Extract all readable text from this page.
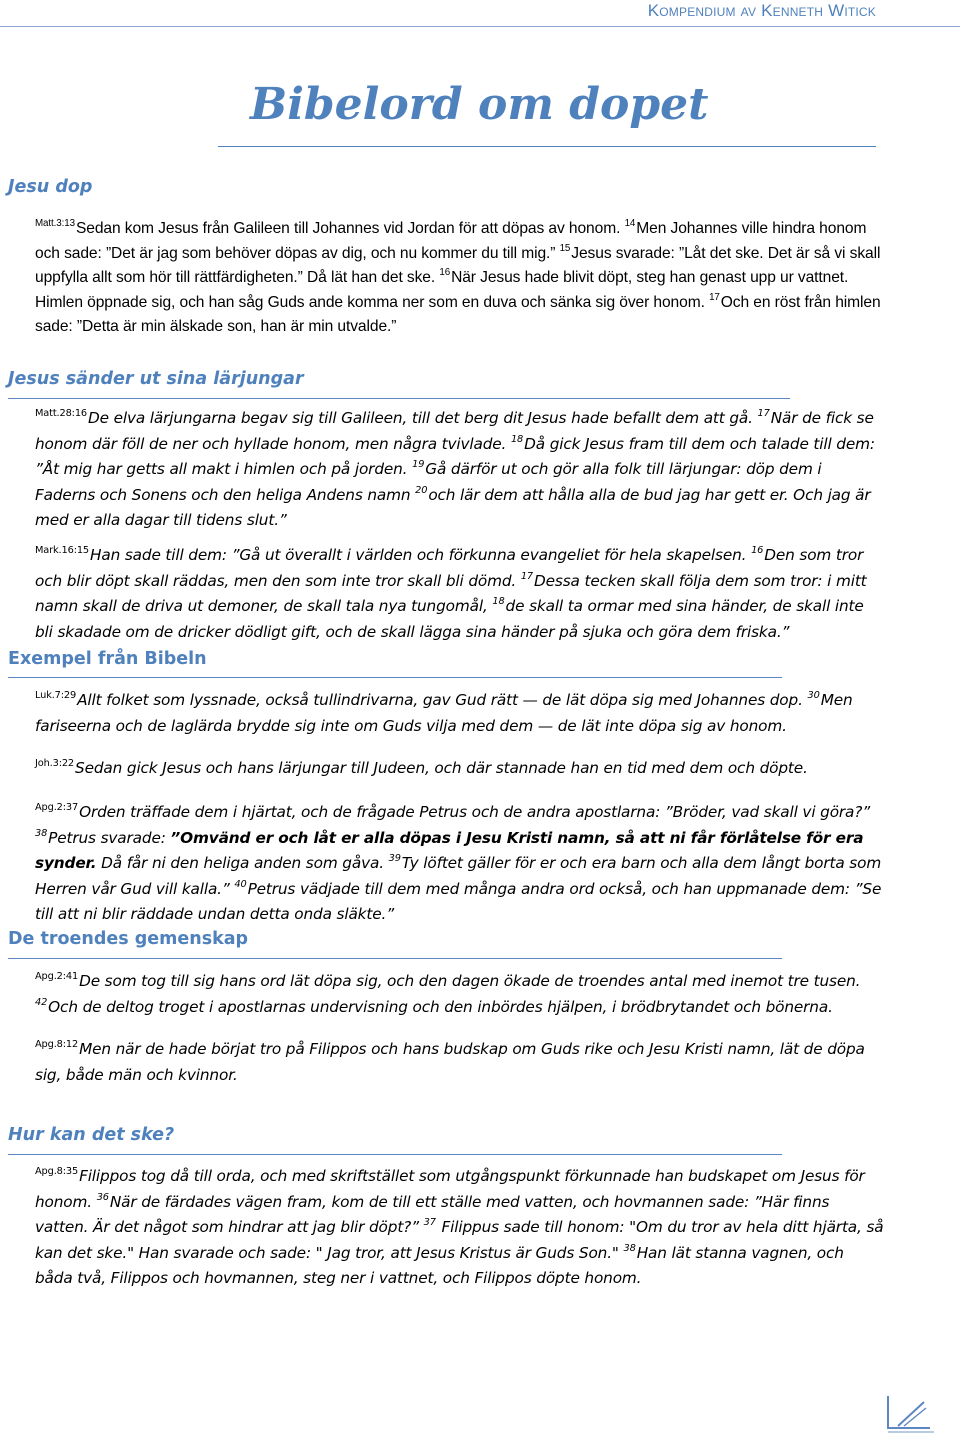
Kompendium av Kenneth Witick
Bibelord om dopet
Jesu dop

$^{Matt.3:13}$Sedan kom Jesus från Galileen till Johannes vid Jordan för att döpas av honom. $^{14}$Men Johannes ville hindra honom och sade: ”Det är jag som behöver döpas av dig, och nu kommer du till mig.” $^{15}$Jesus svarade: ”Låt det ske. Det är så vi skall uppfylla allt som hör till rättfärdigheten.” Då lät han det ske. $^{16}$När Jesus hade blivit döpt, steg han genast upp ur vattnet. Himlen öppnade sig, och han såg Guds ande komma ner som en duva och sänka sig över honom. $^{17}$Och en röst från himlen sade: ”Detta är min älskade son, han är min utvalde.”

Jesus sänder ut sina lärjungar

$^{Matt.28:16}$De elva lärjungarna begav sig till Galileen, till det berg dit Jesus hade befallt dem att gå. $^{17}$När de fick se honom där föll de ner och hyllade honom, men några tvivlade. $^{18}$Då gick Jesus fram till dem och talade till dem: ”Åt mig har getts all makt i himlen och på jorden. $^{19}$Gå därför ut och gör alla folk till lärjungar: döp dem i Faderns och Sonens och den heliga Andens namn $^{20}$och lär dem att hålla alla de bud jag har gett er. Och jag är med er alla dagar till tidens slut.”

$^{Mark.16:15}$Han sade till dem: ”Gå ut överallt i världen och förkunna evangeliet för hela skapelsen. $^{16}$Den som tror och blir döpt skall räddas, men den som inte tror skall bli dömd. $^{17}$Dessa tecken skall följa dem som tror: i mitt namn skall de driva ut demoner, de skall tala nya tungomål, $^{18}$de skall ta ormar med sina händer, de skall inte bli skadade om de dricker dödligt gift, och de skall lägga sina händer på sjuka och göra dem friska.”

Exempel från Bibeln

$^{Luk.7:29}$Allt folket som lyssnade, också tullindrivarna, gav Gud rätt — de lät döpa sig med Johannes dop. $^{30}$Men fariseerna och de laglärda brydde sig inte om Guds vilja med dem — de lät inte döpa sig av honom.

$^{Joh.3:22}$Sedan gick Jesus och hans lärjungar till Judeen, och där stannade han en tid med dem och döpte.

$^{Apg.2:37}$Orden träffade dem i hjärtat, och de frågade Petrus och de andra apostlarna: ”Bröder, vad skall vi göra?” $^{38}$Petrus svarade: ”Omvänd er och låt er alla döpas i Jesu Kristi namn, så att ni får förlåtelse för era synder. Då får ni den heliga anden som gåva. $^{39}$Ty löftet gäller för er och era barn och alla dem långt borta som Herren vår Gud vill kalla.” $^{40}$Petrus vädjade till dem med många andra ord också, och han uppmanade dem: ”Se till att ni blir räddade undan detta onda släkte.”

De troendes gemenskap

$^{Apg.2:41}$De som tog till sig hans ord lät döpa sig, och den dagen ökade de troendes antal med inemot tre tusen. $^{42}$Och de deltog troget i apostlarnas undervisning och den inbördes hjälpen, i brödbrytandet och bönerna.

$^{Apg.8:12}$Men när de hade börjat tro på Filippos och hans budskap om Guds rike och Jesu Kristi namn, lät de döpa sig, både män och kvinnor.

Hur kan det ske?

$^{Apg.8:35}$Filippos tog då till orda, och med skriftstället som utgångspunkt förkunnade han budskapet om Jesus för honom. $^{36}$När de färdades vägen fram, kom de till ett ställe med vatten, och hovmannen sade: ”Här finns vatten. Är det något som hindrar att jag blir döpt?” $^{37}$ Filippus sade till honom: "Om du tror av hela ditt hjärta, så kan det ske." Han svarade och sade: " Jag tror, att Jesus Kristus är Guds Son." $^{38}$Han lät stanna vagnen, och båda två, Filippos och hovmannen, steg ner i vattnet, och Filippos döpte honom.
